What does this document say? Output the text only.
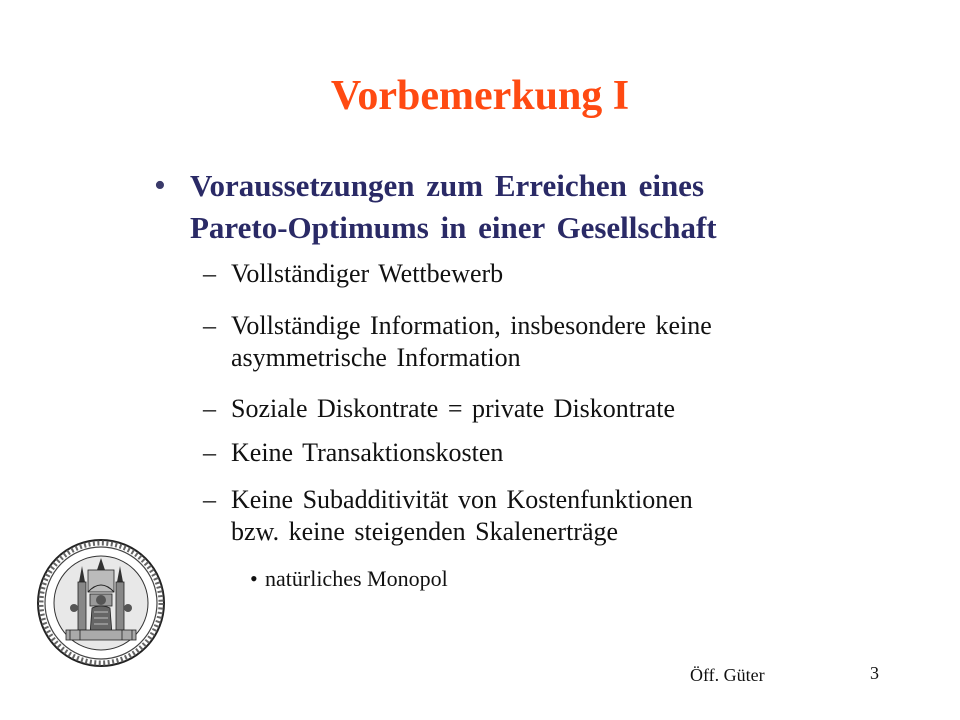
Vorbemerkung I
• Voraussetzungen zum Erreichen eines
Pareto-Optimums in einer Gesellschaft
– Vollständiger Wettbewerb
– Vollständige Information, insbesondere keine
asymmetrische Information
– Soziale Diskontrate = private Diskontrate
– Keine Transaktionskosten
– Keine Subadditivität von Kostenfunktionen
bzw. keine steigenden Skalenerträge
• natürliches Monopol
Öff. Güter	3
